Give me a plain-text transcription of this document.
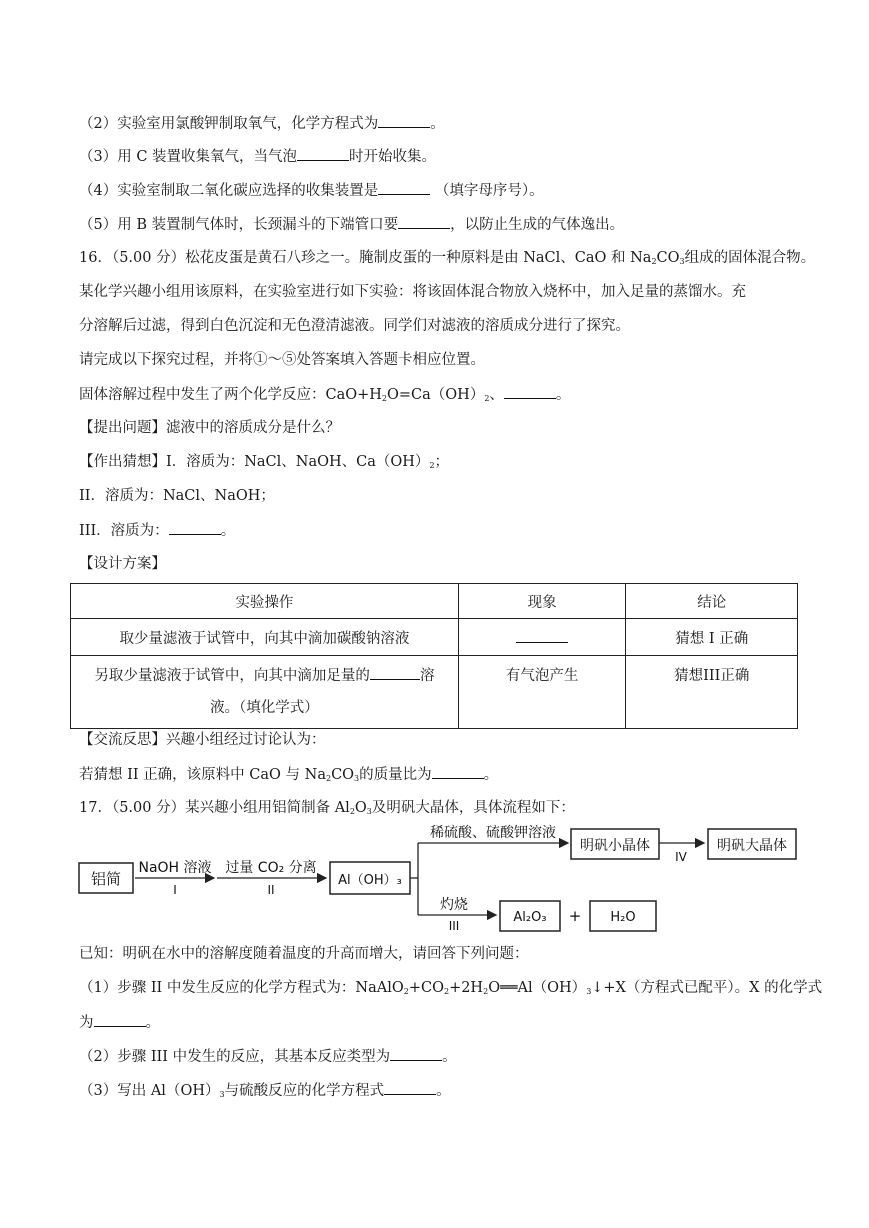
（2）实验室用氯酸钾制取氧气，化学方程式为	。
（3）用 C 装置收集氧气，当气泡	时开始收集。
（4）实验室制取二氧化碳应选择的收集装置是	（填字母序号）。
（5）用 B 装置制气体时，长颈漏斗的下端管口要	，以防止生成的气体逸出。
16．（5.00 分）松花皮蛋是黄石八珍之一。腌制皮蛋的一种原料是由 NaCl、CaO 和 $Na_2CO_3$组成的固体混合物。
某化学兴趣小组用该原料，在实验室进行如下实验：将该固体混合物放入烧杯中，加入足量的蒸馏水。充
分溶解后过滤，得到白色沉淀和无色澄清滤液。同学们对滤液的溶质成分进行了探究。
请完成以下探究过程，并将①～⑤处答案填入答题卡相应位置。
固体溶解过程中发生了两个化学反应：$CaO+H_2O=Ca(OH)_2$、	。
【提出问题】滤液中的溶质成分是什么？
【作出猜想】I．溶质为：NaCl、NaOH、$Ca(OH)_2$；
II．溶质为：NaCl、NaOH；
III．溶质为：	。
【设计方案】
实验操作	现象	结论
取少量滤液于试管中，向其中滴加碳酸钠溶液		猜想 I 正确
另取少量滤液于试管中，向其中滴加足量的 溶
液。（填化学式）	有气泡产生	猜想III正确
【交流反思】兴趣小组经过讨论认为：
若猜想 II 正确，该原料中 CaO 与 $Na_2CO_3$的质量比为	。
17．（5.00 分）某兴趣小组用铝简制备 $Al_2O_3$及明矾大晶体，具体流程如下：
铝简
NaOH 溶液
I
过量 CO₂ 分离
II
Al（OH）₃
稀硫酸、硫酸钾溶液
明矾小晶体
IV
明矾大晶体
灼烧
III
Al₂O₃ + H₂O
已知：明矾在水中的溶解度随着温度的升高而增大，请回答下列问题：
（1）步骤 II 中发生反应的化学方程式为：$NaAlO_2+CO_2+2H_2O══Al(OH)_3↓+X$（方程式已配平）。X 的化学式
为	。
（2）步骤 III 中发生的反应，其基本反应类型为	。
（3）写出 $Al(OH)_3$与硫酸反应的化学方程式	。
